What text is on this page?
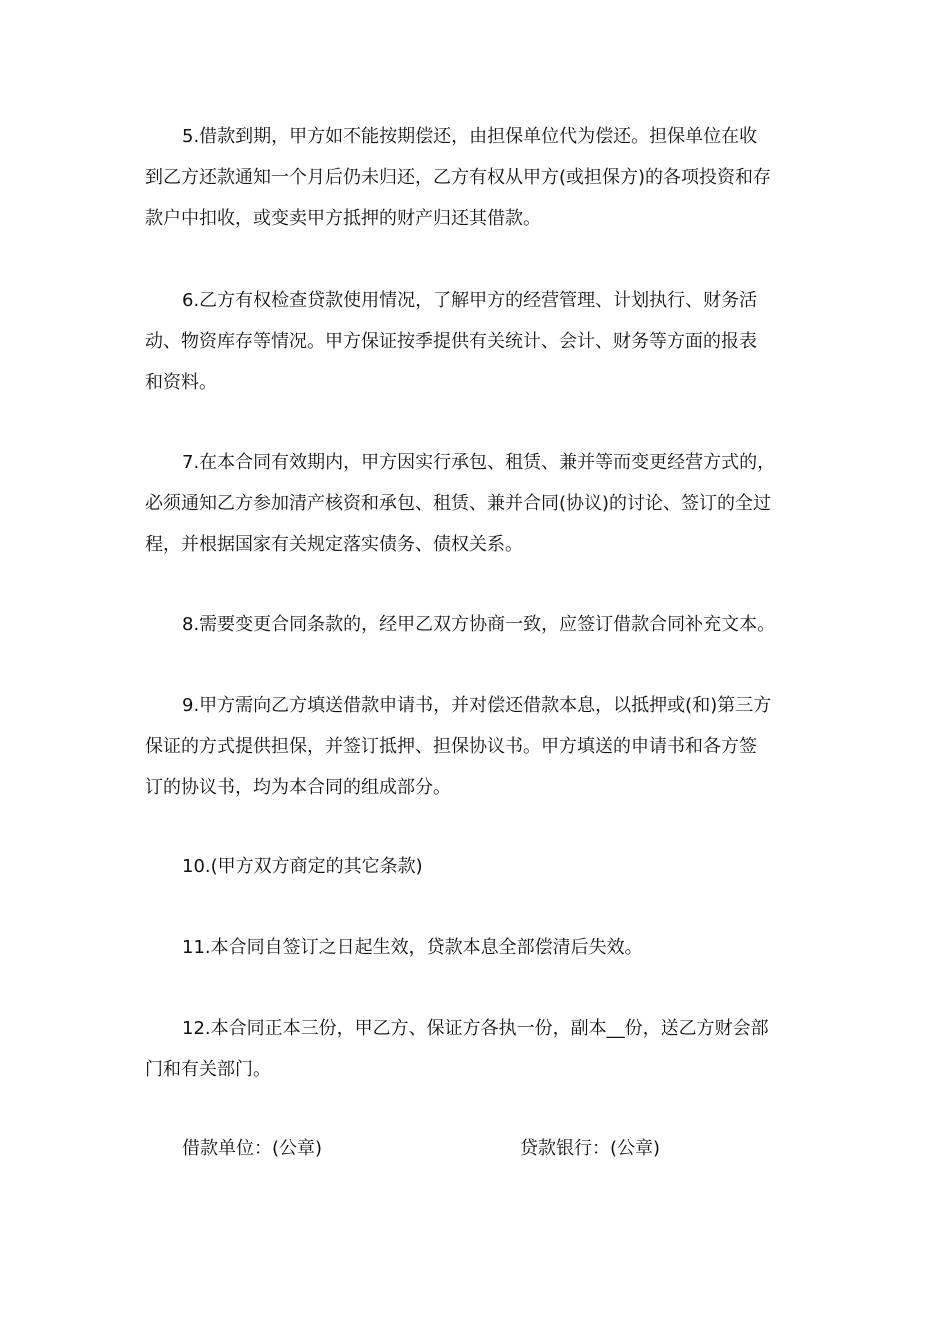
5.借款到期，甲方如不能按期偿还，由担保单位代为偿还。担保单位在收
到乙方还款通知一个月后仍未归还，乙方有权从甲方(或担保方)的各项投资和存
款户中扣收，或变卖甲方抵押的财产归还其借款。
6.乙方有权检查贷款使用情况，了解甲方的经营管理、计划执行、财务活
动、物资库存等情况。甲方保证按季提供有关统计、会计、财务等方面的报表
和资料。
7.在本合同有效期内，甲方因实行承包、租赁、兼并等而变更经营方式的，
必须通知乙方参加清产核资和承包、租赁、兼并合同(协议)的讨论、签订的全过
程，并根据国家有关规定落实债务、债权关系。
8.需要变更合同条款的，经甲乙双方协商一致，应签订借款合同补充文本。
9.甲方需向乙方填送借款申请书，并对偿还借款本息，以抵押或(和)第三方
保证的方式提供担保，并签订抵押、担保协议书。甲方填送的申请书和各方签
订的协议书，均为本合同的组成部分。
10.(甲方双方商定的其它条款)
11.本合同自签订之日起生效，贷款本息全部偿清后失效。
12.本合同正本三份，甲乙方、保证方各执一份，副本__份，送乙方财会部
门和有关部门。
借款单位：(公章)	贷款银行：(公章)
